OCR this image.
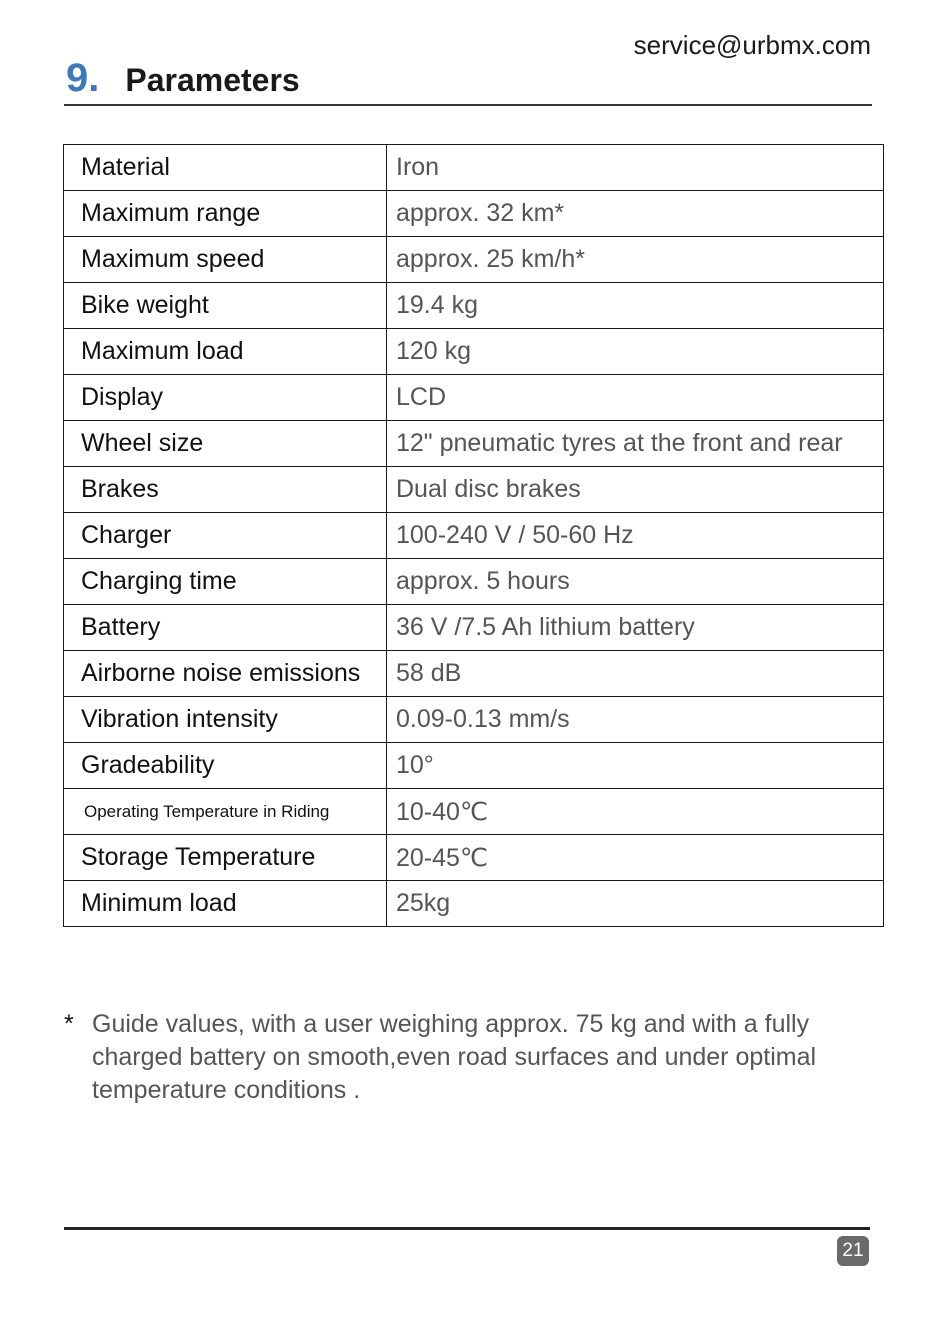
service@urbmx.com
9. Parameters
Material	Iron
Maximum range	approx. 32 km*
Maximum speed	approx. 25 km/h*
Bike weight	19.4 kg
Maximum load	120 kg
Display	LCD
Wheel size	12" pneumatic tyres at the front and rear
Brakes	Dual disc brakes
Charger	100-240 V / 50-60 Hz
Charging time	approx. 5 hours
Battery	36 V /7.5 Ah lithium battery
Airborne noise emissions	58 dB
Vibration intensity	0.09-0.13 mm/s
Gradeability	10°
Operating Temperature in Riding	10-40℃
Storage Temperature	20-45℃
Minimum load	25kg
* Guide values, with a user weighing approx. 75 kg and with a fully charged battery on smooth,even road surfaces and under optimal temperature conditions .
21
